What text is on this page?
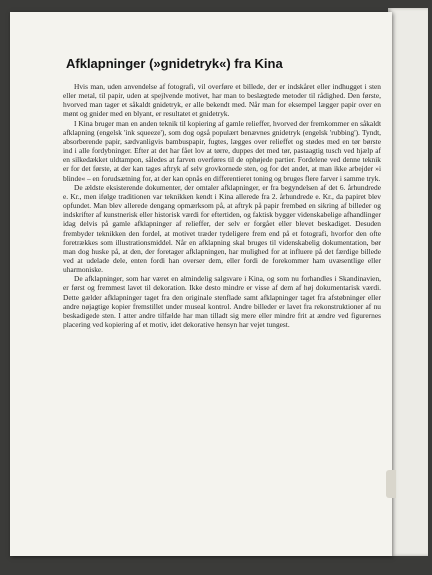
Afklapninger (»gnidetryk«) fra Kina

Hvis man, uden anvendelse af fotografi, vil overføre et billede, der er indskåret eller indhugget i sten eller metal, til papir, uden at spejlvende motivet, har man to beslægtede metoder til rådighed. Den første, hvorved man tager et såkaldt gnidetryk, er alle bekendt med. Når man for eksempel lægger papir over en mønt og gnider med en blyant, er resultatet et gnidetryk.

I Kina bruger man en anden teknik til kopiering af gamle relieffer, hvorved der fremkommer en såkaldt afklapning (engelsk 'ink squeeze'), som dog også populært benævnes gnidetryk (engelsk 'rubbing'). Tyndt, absorberende papir, sædvanligvis bambuspapir, fugtes, lægges over relieffet og stødes med en tør børste ind i alle fordybninger. Efter at det har fået lov at tørre, duppes det med tør, pastaagtig tusch ved hjælp af en silkedækket uldtampon, således at farven overføres til de ophøjede partier. Fordelene ved denne teknik er for det første, at der kan tages aftryk af selv grovkornede sten, og for det andet, at man ikke arbejder »i blinde« – en forudsætning for, at der kan opnås en differentieret toning og bruges flere farver i samme tryk.

De ældste eksisterende dokumenter, der omtaler afklapninger, er fra begyndelsen af det 6. århundrede e. Kr., men ifølge traditionen var teknikken kendt i Kina allerede fra 2. århundrede e. Kr., da papiret blev opfundet. Man blev allerede dengang opmærksom på, at aftryk på papir frembød en sikring af billeder og indskrifter af kunstnerisk eller historisk værdi for eftertiden, og faktisk bygger videnskabelige afhandlinger idag delvis på gamle afklapninger af relieffer, der selv er forgået eller blevet beskadiget. Desuden frembyder teknikken den fordel, at motivet træder tydeligere frem end på et fotografi, hvorfor den ofte foretrækkes som illustrationsmiddel. Når en afklapning skal bruges til videnskabelig dokumentation, bør man dog huske på, at den, der foretager afklapningen, har mulighed for at influere på det færdige billede ved at udelade dele, enten fordi han overser dem, eller fordi de forekommer ham uvæsentlige eller uharmoniske.

De afklapninger, som har været en almindelig salgsvare i Kina, og som nu forhandles i Skandinavien, er først og fremmest lavet til dekoration. Ikke desto mindre er visse af dem af høj dokumentarisk værdi. Dette gælder afklapninger taget fra den originale stenflade samt afklapninger taget fra afstøbninger eller andre nøjagtige kopier fremstillet under museal kontrol. Andre billeder er lavet fra rekonstruktioner af nu beskadigede sten. I atter andre tilfælde har man tilladt sig mere eller mindre frit at ændre ved figurernes placering ved kopiering af et motiv, idet dekorative hensyn har vejet tungest.
